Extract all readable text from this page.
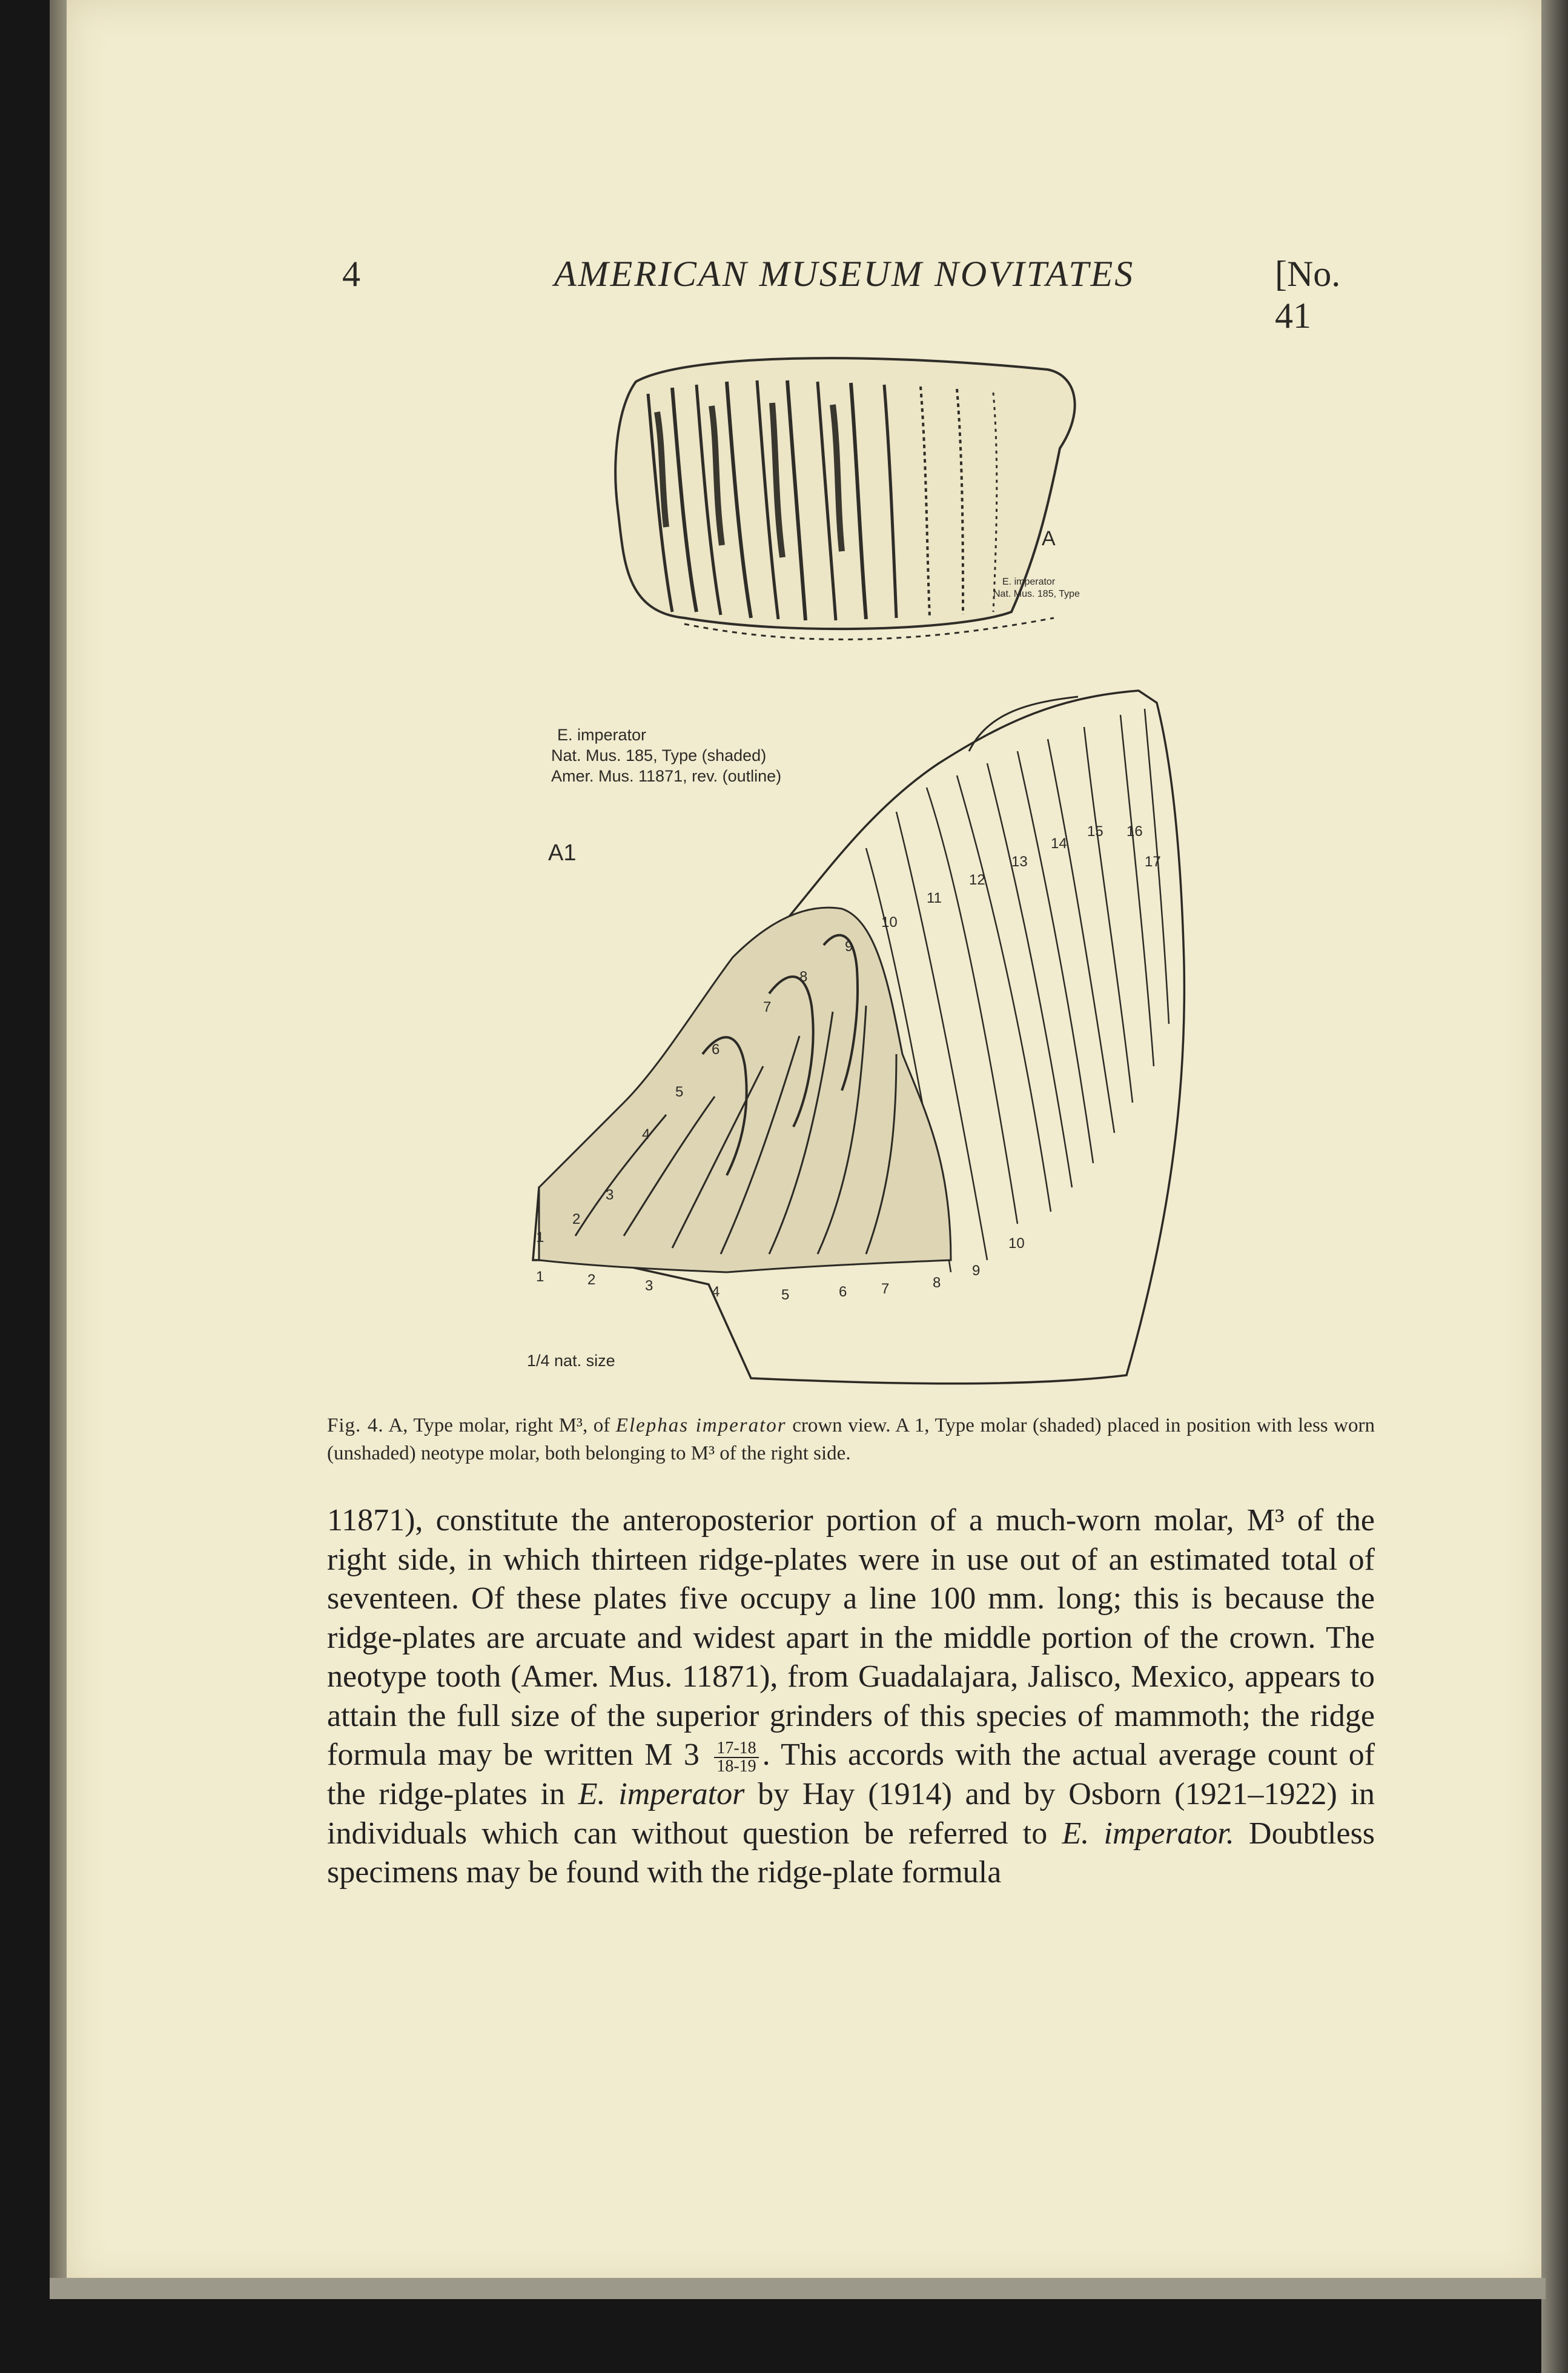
4	AMERICAN MUSEUM NOVITATES	[No. 41
A
E. imperator
Nat. Mus. 185, Type
E. imperator
Nat. Mus. 185, Type (shaded)
Amer. Mus. 11871, rev. (outline)
A1
1
2
3
4
5
6
7
8
9
10
11
12
13
14
15 16
17
1	2	3	4	5	6 7	8
9
10
1/4 nat. size
Fig. 4. A, Type molar, right M³, of Elephas imperator crown view. A 1, Type molar (shaded) placed in position with less worn (unshaded) neotype molar, both belonging to M³ of the right side.

11871), constitute the anteroposterior portion of a much-worn molar, M³ of the right side, in which thirteen ridge-plates were in use out of an estimated total of seventeen. Of these plates five occupy a line 100 mm. long; this is because the ridge-plates are arcuate and widest apart in the middle portion of the crown. The neotype tooth (Amer. Mus. 11871), from Guadalajara, Jalisco, Mexico, appears to attain the full size of the superior grinders of this species of mammoth; the ridge formula may be written M $3 \frac{17-18}{18-19}$ . This accords with the actual average count of the ridge-plates in E. imperator by Hay (1914) and by Osborn (1921–1922) in individuals which can without question be referred to E. imperator. Doubtless specimens may be found with the ridge-plate formula
